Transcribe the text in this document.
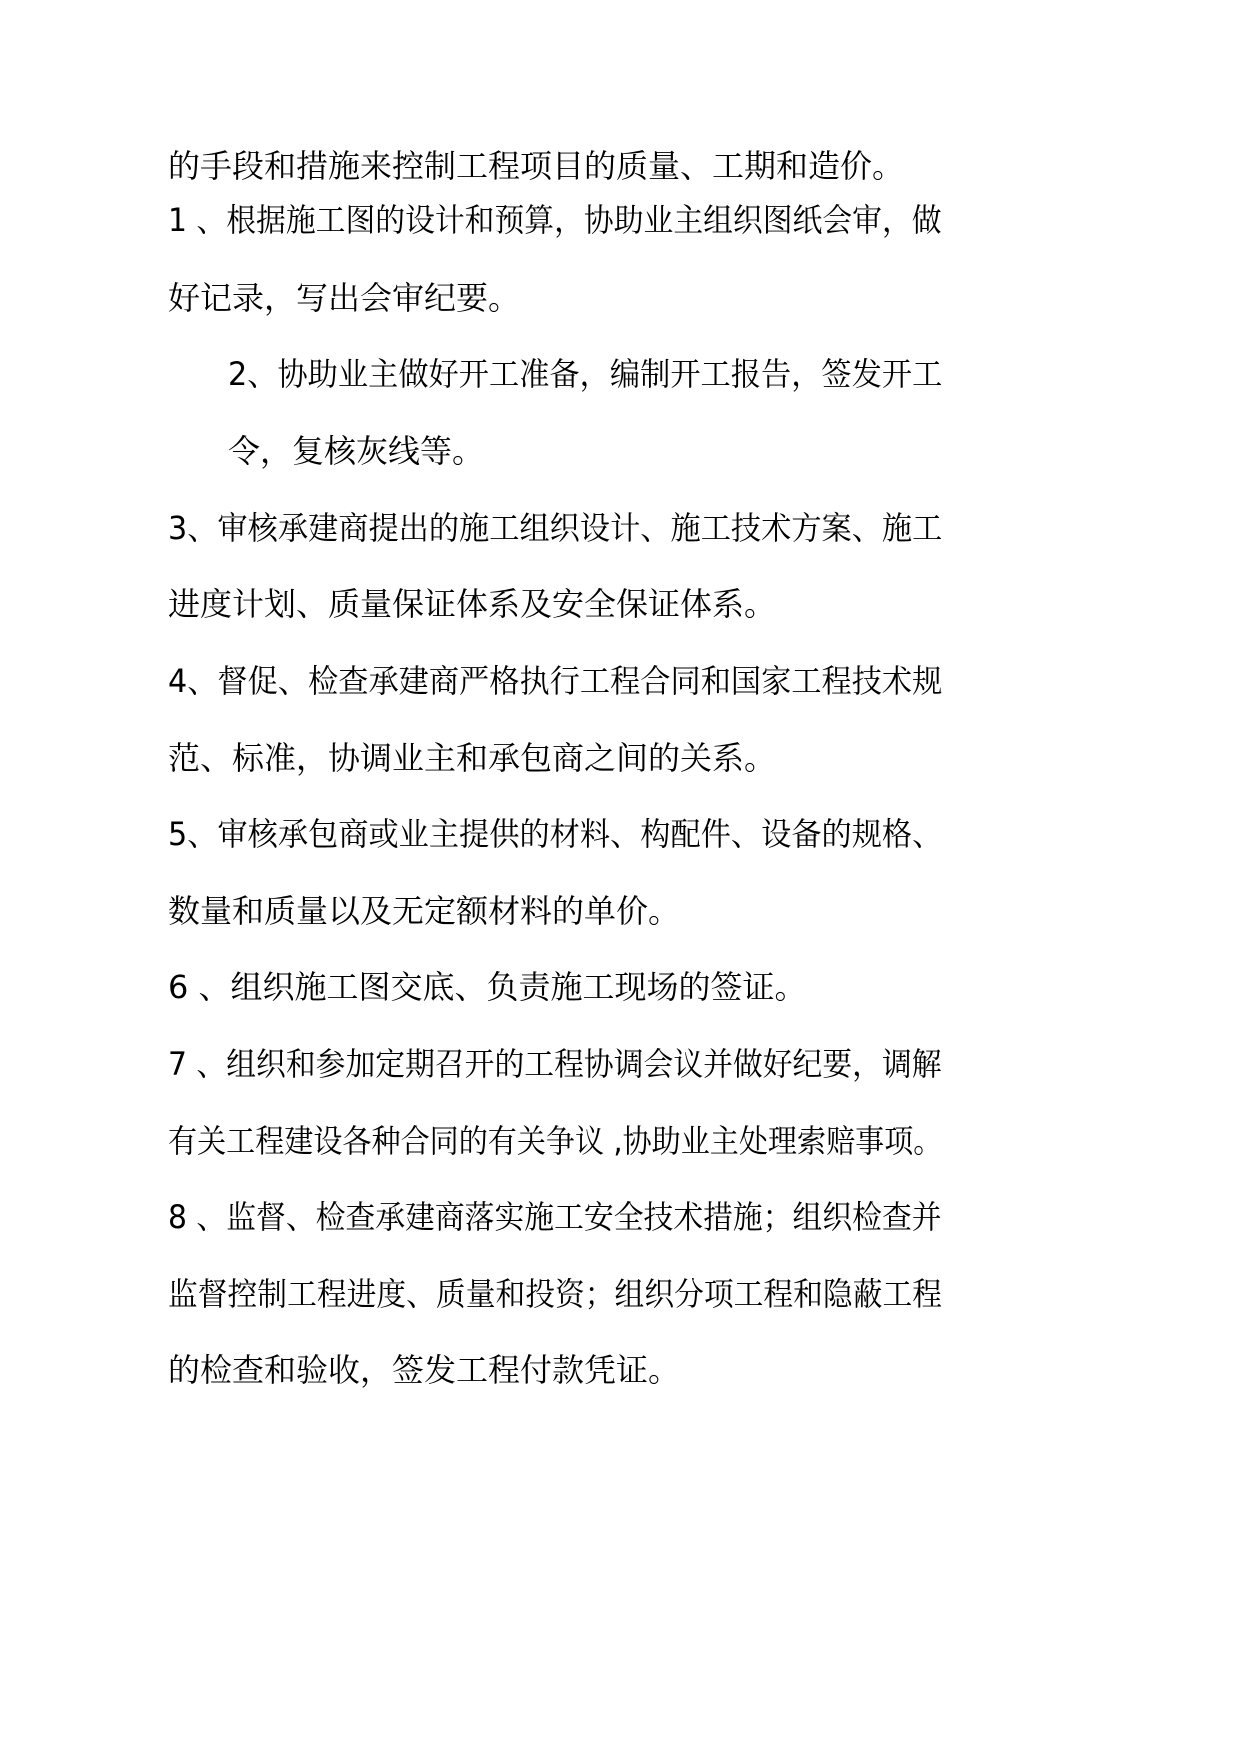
的手段和措施来控制工程项目的质量、工期和造价。
1 、根据施工图的设计和预算，协助业主组织图纸会审，做
好记录，写出会审纪要。
2、协助业主做好开工准备，编制开工报告，签发开工
令，复核灰线等。
3、审核承建商提出的施工组织设计、施工技术方案、施工
进度计划、质量保证体系及安全保证体系。
4、督促、检查承建商严格执行工程合同和国家工程技术规
范、标准，协调业主和承包商之间的关系。
5、审核承包商或业主提供的材料、构配件、设备的规格、
数量和质量以及无定额材料的单价。
6 、组织施工图交底、负责施工现场的签证。
7 、组织和参加定期召开的工程协调会议并做好纪要，调解
有关工程建设各种合同的有关争议 ,协助业主处理索赔事项。
8 、监督、检查承建商落实施工安全技术措施；组织检查并
监督控制工程进度、质量和投资；组织分项工程和隐蔽工程
的检查和验收，签发工程付款凭证。
